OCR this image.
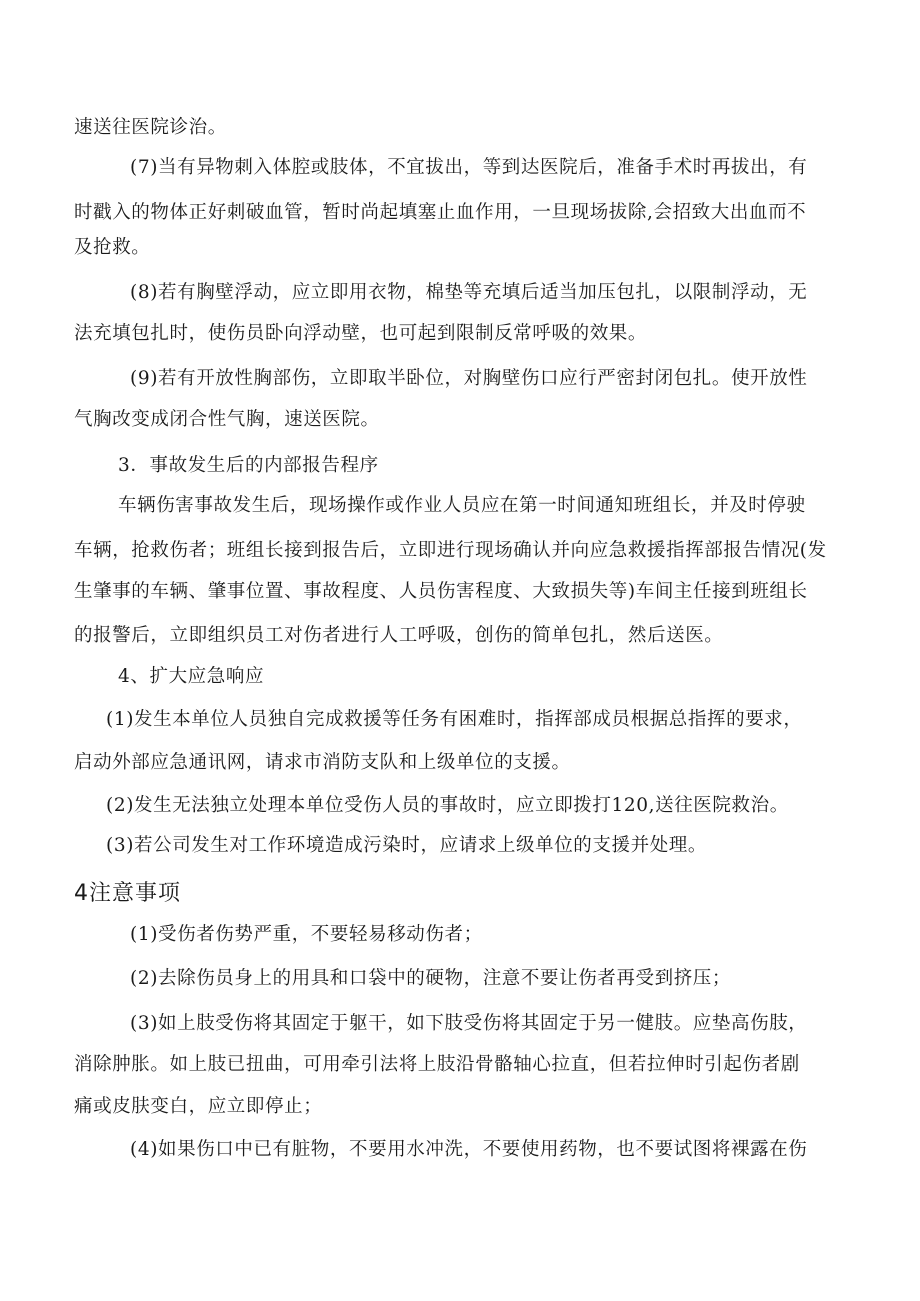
速送往医院诊治。
(7)当有异物刺入体腔或肢体，不宜拔出，等到达医院后，准备手术时再拔出，有
时戳入的物体正好刺破血管，暂时尚起填塞止血作用，一旦现场拔除,会招致大出血而不
及抢救。
(8)若有胸壁浮动，应立即用衣物，棉垫等充填后适当加压包扎，以限制浮动，无
法充填包扎时，使伤员卧向浮动壁，也可起到限制反常呼吸的效果。
(9)若有开放性胸部伤，立即取半卧位，对胸壁伤口应行严密封闭包扎。使开放性
气胸改变成闭合性气胸，速送医院。
3．事故发生后的内部报告程序
车辆伤害事故发生后，现场操作或作业人员应在第一时间通知班组长，并及时停驶
车辆，抢救伤者；班组长接到报告后，立即进行现场确认并向应急救援指挥部报告情况(发
生肇事的车辆、肇事位置、事故程度、人员伤害程度、大致损失等)车间主任接到班组长
的报警后，立即组织员工对伤者进行人工呼吸，创伤的简单包扎，然后送医。
4、扩大应急响应
(1)发生本单位人员独自完成救援等任务有困难时，指挥部成员根据总指挥的要求，
启动外部应急通讯网，请求市消防支队和上级单位的支援。
(2)发生无法独立处理本单位受伤人员的事故时，应立即拨打120,送往医院救治。
(3)若公司发生对工作环境造成污染时，应请求上级单位的支援并处理。
4注意事项
(1)受伤者伤势严重，不要轻易移动伤者；
(2)去除伤员身上的用具和口袋中的硬物，注意不要让伤者再受到挤压；
(3)如上肢受伤将其固定于躯干，如下肢受伤将其固定于另一健肢。应垫高伤肢，
消除肿胀。如上肢已扭曲，可用牵引法将上肢沿骨骼轴心拉直，但若拉伸时引起伤者剧
痛或皮肤变白，应立即停止；
(4)如果伤口中已有脏物，不要用水冲洗，不要使用药物，也不要试图将裸露在伤
